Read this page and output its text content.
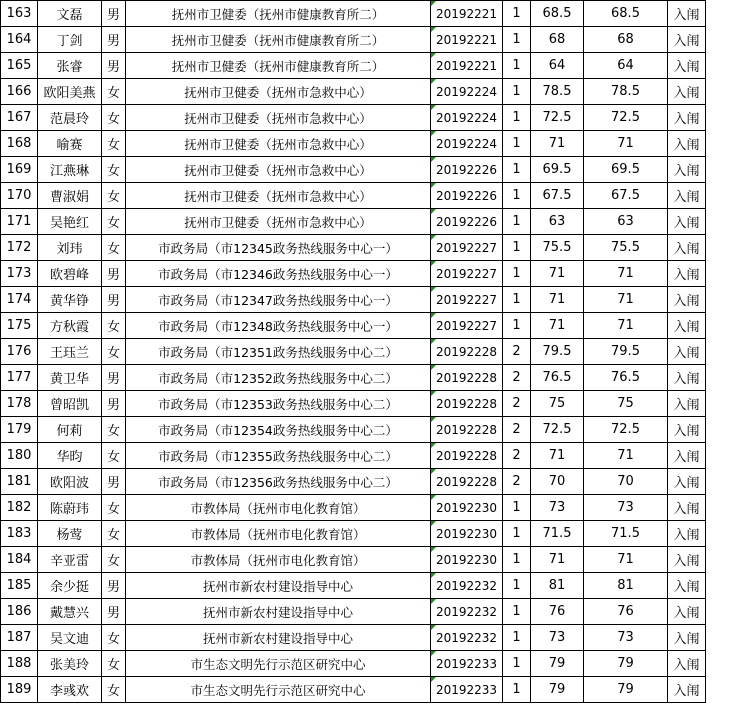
163	文磊	男	抚州市卫健委（抚州市健康教育所二）	20192221	1	68.5	68.5	入闱
164	丁剑	男	抚州市卫健委（抚州市健康教育所二）	20192221	1	68	68	入闱
165	张睿	男	抚州市卫健委（抚州市健康教育所二）	20192221	1	64	64	入闱
166	欧阳美燕	女	抚州市卫健委（抚州市急救中心）	20192224	1	78.5	78.5	入闱
167	范晨玲	女	抚州市卫健委（抚州市急救中心）	20192224	1	72.5	72.5	入闱
168	喻赛	女	抚州市卫健委（抚州市急救中心）	20192224	1	71	71	入闱
169	江燕琳	女	抚州市卫健委（抚州市急救中心）	20192226	1	69.5	69.5	入闱
170	曹淑娟	女	抚州市卫健委（抚州市急救中心）	20192226	1	67.5	67.5	入闱
171	吴艳红	女	抚州市卫健委（抚州市急救中心）	20192226	1	63	63	入闱
172	刘玮	女	市政务局（市12345政务热线服务中心一）	20192227	1	75.5	75.5	入闱
173	欧碧峰	男	市政务局（市12346政务热线服务中心一）	20192227	1	71	71	入闱
174	黄华铮	男	市政务局（市12347政务热线服务中心一）	20192227	1	71	71	入闱
175	方秋霞	女	市政务局（市12348政务热线服务中心一）	20192227	1	71	71	入闱
176	王珏兰	女	市政务局（市12351政务热线服务中心二）	20192228	2	79.5	79.5	入闱
177	黄卫华	男	市政务局（市12352政务热线服务中心二）	20192228	2	76.5	76.5	入闱
178	曾昭凯	男	市政务局（市12353政务热线服务中心二）	20192228	2	75	75	入闱
179	何莉	女	市政务局（市12354政务热线服务中心二）	20192228	2	72.5	72.5	入闱
180	华昀	女	市政务局（市12355政务热线服务中心二）	20192228	2	71	71	入闱
181	欧阳波	男	市政务局（市12356政务热线服务中心二）	20192228	2	70	70	入闱
182	陈蔚玮	女	市教体局（抚州市电化教育馆）	20192230	1	73	73	入闱
183	杨莺	女	市教体局（抚州市电化教育馆）	20192230	1	71.5	71.5	入闱
184	辛亚雷	女	市教体局（抚州市电化教育馆）	20192230	1	71	71	入闱
185	余少挺	男	抚州市新农村建设指导中心	20192232	1	81	81	入闱
186	戴慧兴	男	抚州市新农村建设指导中心	20192232	1	76	76	入闱
187	吴文迪	女	抚州市新农村建设指导中心	20192232	1	73	73	入闱
188	张美玲	女	市生态文明先行示范区研究中心	20192233	1	79	79	入闱
189	李彧欢	女	市生态文明先行示范区研究中心	20192233	1	79	79	入闱
